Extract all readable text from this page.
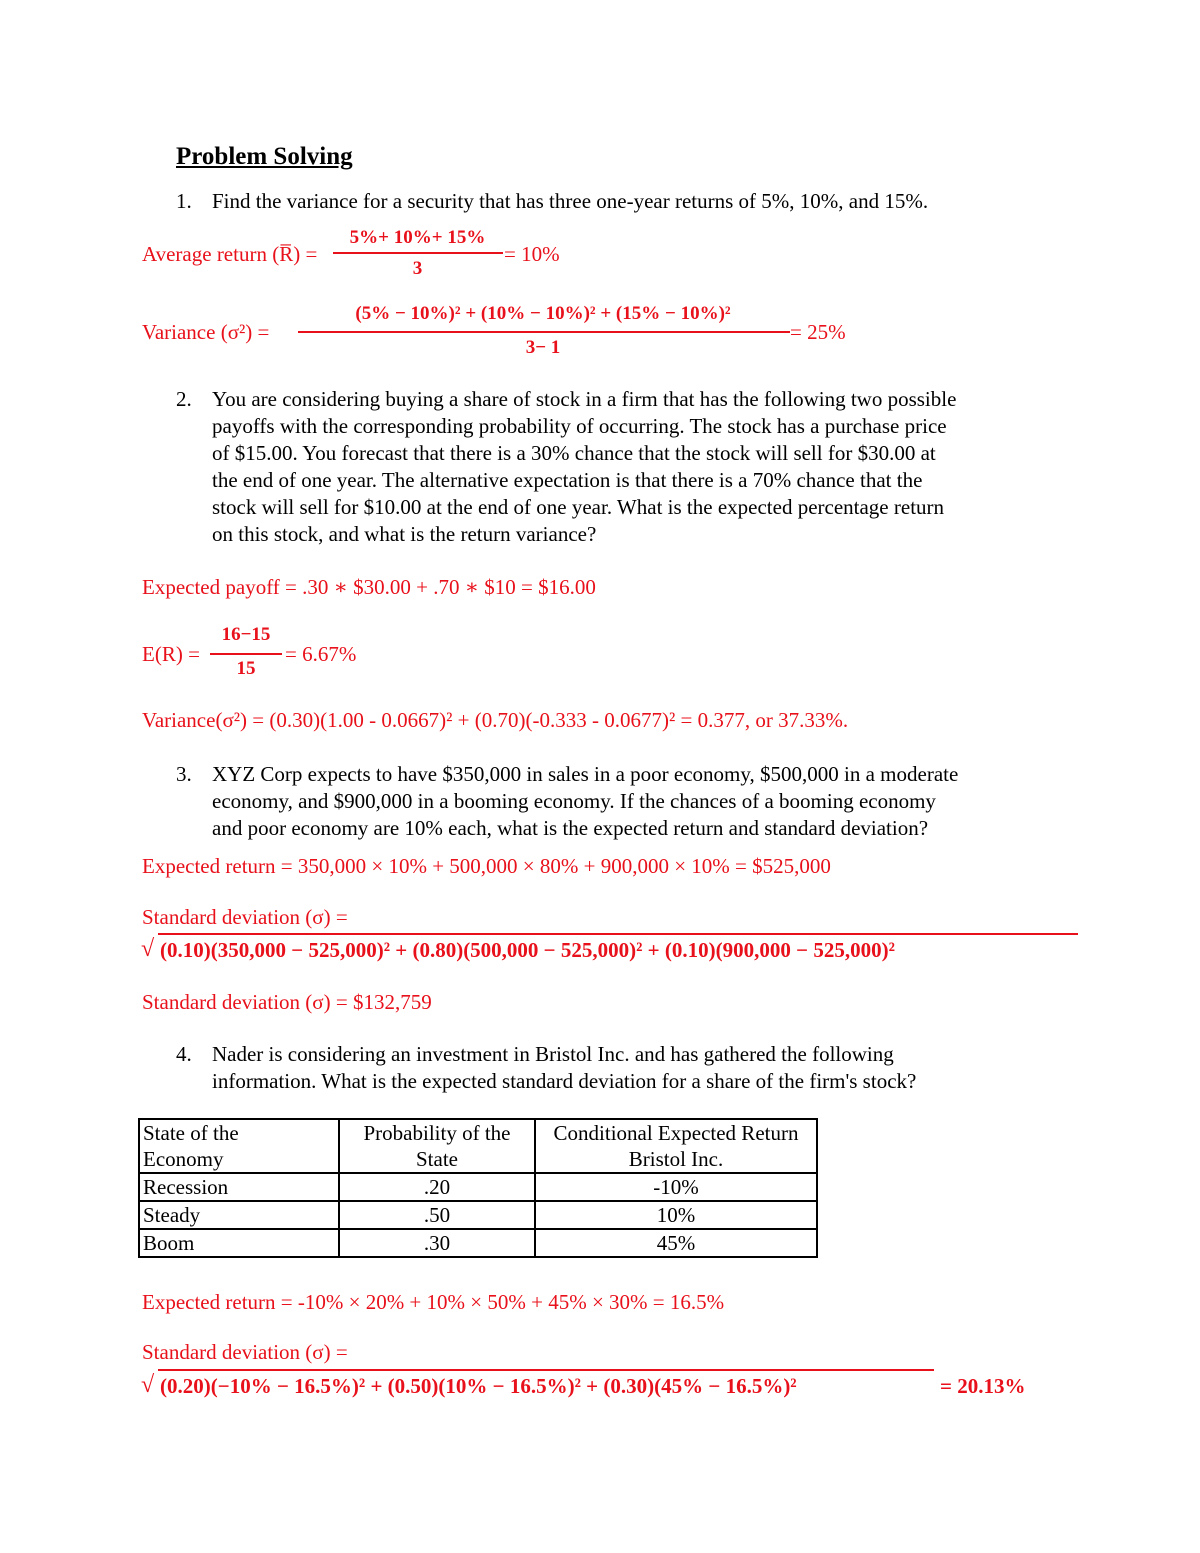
Problem Solving
1. Find the variance for a security that has three one-year returns of 5%, 10%, and 15%.
Average return (R̅) =
5%+ 10%+ 15%
3
= 10%
Variance (σ²) =
(5% − 10%)² + (10% − 10%)² + (15% − 10%)²
3− 1
= 25%
2. You are considering buying a share of stock in a firm that has the following two possible
payoffs with the corresponding probability of occurring. The stock has a purchase price
of $15.00. You forecast that there is a 30% chance that the stock will sell for $30.00 at
the end of one year. The alternative expectation is that there is a 70% chance that the
stock will sell for $10.00 at the end of one year. What is the expected percentage return
on this stock, and what is the return variance?
Expected payoff = .30 ∗ $30.00 + .70 ∗ $10 = $16.00
E(R) =
16−15
15
= 6.67%
Variance(σ²) = (0.30)(1.00 - 0.0667)² + (0.70)(-0.333 - 0.0677)² = 0.377, or 37.33%.
3. XYZ Corp expects to have $350,000 in sales in a poor economy, $500,000 in a moderate
economy, and $900,000 in a booming economy. If the chances of a booming economy
and poor economy are 10% each, what is the expected return and standard deviation?
Expected return = 350,000 × 10% + 500,000 × 80% + 900,000 × 10% = $525,000
Standard deviation (σ) =
√ (0.10)(350,000 − 525,000)² + (0.80)(500,000 − 525,000)² + (0.10)(900,000 − 525,000)²
Standard deviation (σ) = $132,759
4. Nader is considering an investment in Bristol Inc. and has gathered the following
information. What is the expected standard deviation for a share of the firm's stock?
State of the
Economy	Probability of the
State	Conditional Expected Return
Bristol Inc.
Recession	.20	-10%
Steady	.50	10%
Boom	.30	45%
Expected return = -10% × 20% + 10% × 50% + 45% × 30% = 16.5%
Standard deviation (σ) =
√ (0.20)(−10% − 16.5%)² + (0.50)(10% − 16.5%)² + (0.30)(45% − 16.5%)²	= 20.13%
